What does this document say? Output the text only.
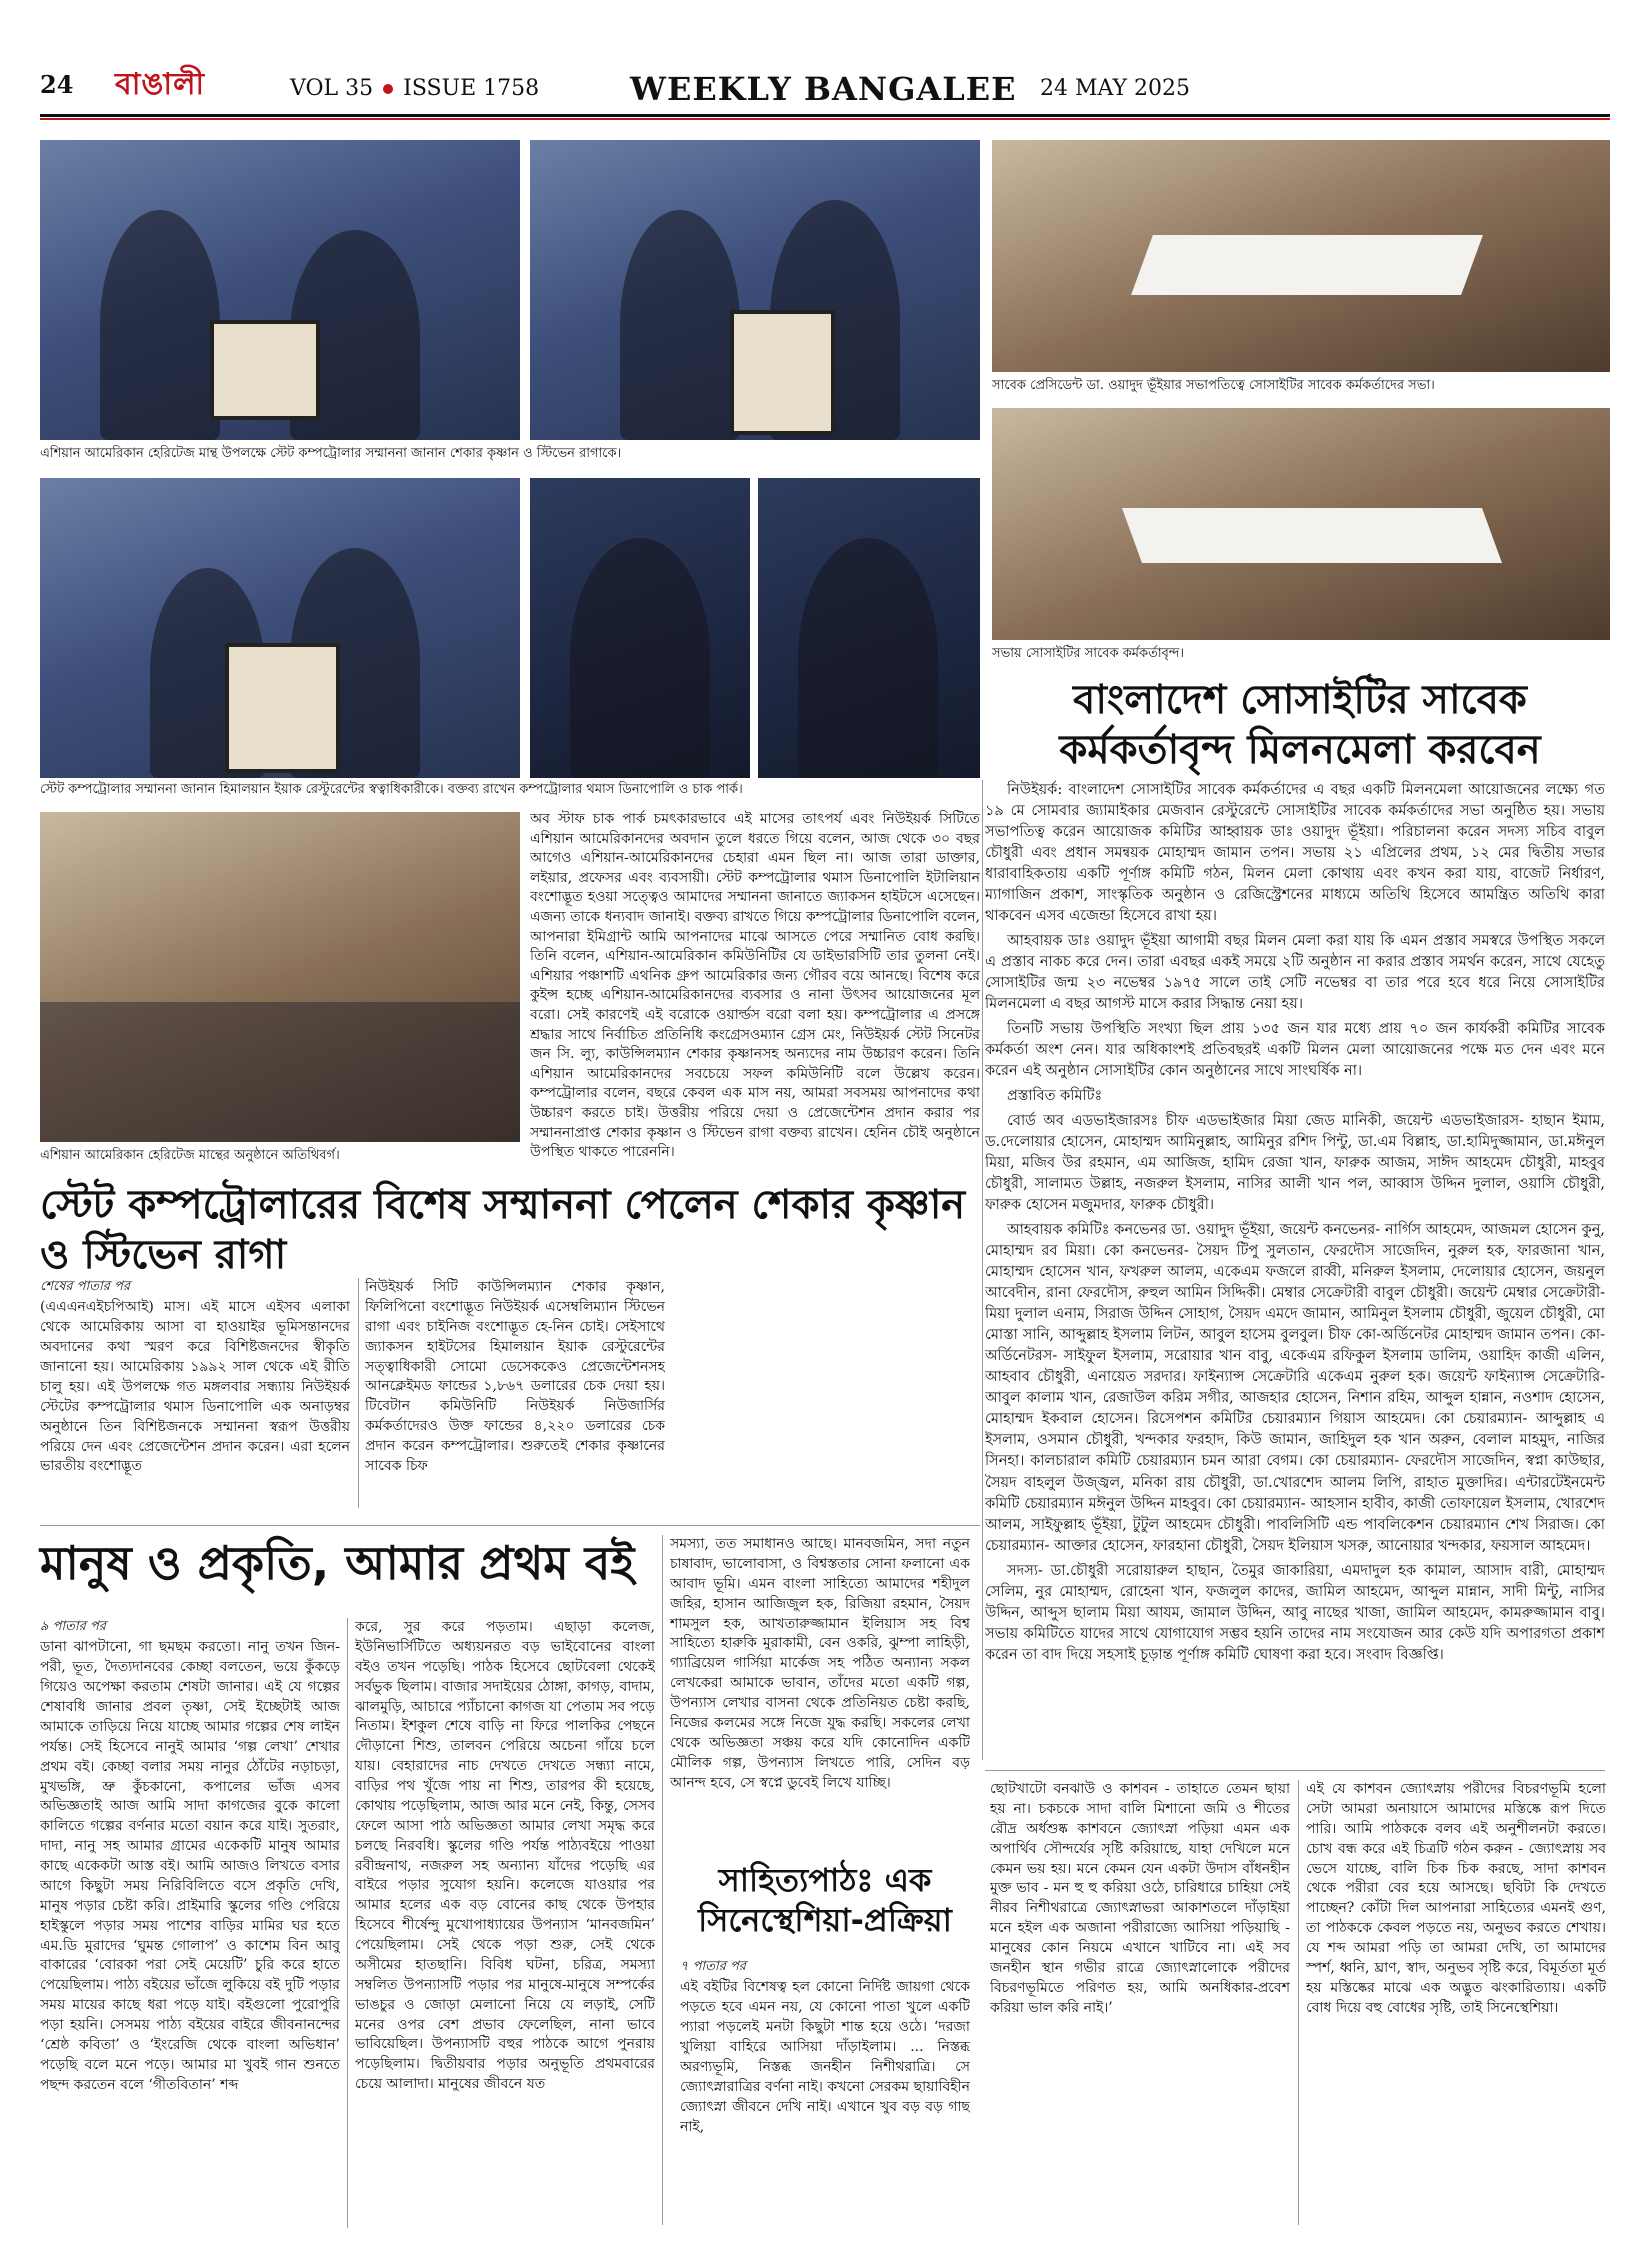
24 বাঙালী	VOL 35 ISSUE 1758	WEEKLY BANGALEE 24 MAY 2025
এশিয়ান আমেরিকান হেরিটেজ মান্থ উপলক্ষে স্টেট কম্পট্রোলার সম্মাননা জানান শেকার কৃষ্ণান ও স্টিভেন রাগাকে।
সাবেক প্রেসিডেন্ট ডা. ওয়াদুদ ভূঁইয়ার সভাপতিত্বে সোসাইটির সাবেক কর্মকর্তাদের সভা।
সভায় সোসাইটির সাবেক কর্মকর্তাবৃন্দ।
স্টেট কম্পট্রোলার সম্মাননা জানান হিমালয়ান ইয়াক রেস্টুরেন্টের স্বত্বাধিকারীকে। বক্তব্য রাখেন কম্পট্রোলার থমাস ডিনাপোলি ও চাক পার্ক।
এশিয়ান আমেরিকান হেরিটেজ মান্থের অনুষ্ঠানে অতিথিবর্গ।
অব স্টাফ চাক পার্ক চমৎকারভাবে এই মাসের তাৎপর্য এবং নিউইয়র্ক সিটিতে এশিয়ান আমেরিকানদের অবদান তুলে ধরতে গিয়ে বলেন, আজ থেকে ৩০ বছর আগেও এশিয়ান-আমেরিকানদের চেহারা এমন ছিল না। আজ তারা ডাক্তার, লইয়ার, প্রফেসর এবং ব্যবসায়ী। স্টেট কম্পট্রোলার থমাস ডিনাপোলি ইটালিয়ান বংশোদ্ভূত হওয়া সত্ত্বেও আমাদের সম্মাননা জানাতে জ্যাকসন হাইটসে এসেছেন। এজন্য তাকে ধন্যবাদ জানাই। বক্তব্য রাখতে গিয়ে কম্পট্রোলার ডিনাপোলি বলেন, আপনারা ইমিগ্রান্ট আমি আপনাদের মাঝে আসতে পেরে সম্মানিত বোধ করছি। তিনি বলেন, এশিয়ান-আমেরিকান কমিউনিটির যে ডাইভারসিটি তার তুলনা নেই। এশিয়ার পঞ্চাশটি এথনিক গ্রুপ আমেরিকার জন্য গৌরব বয়ে আনছে। বিশেষ করে কুইন্স হচ্ছে এশিয়ান-আমেরিকানদের ব্যবসার ও নানা উৎসব আয়োজনের মূল বরো। সেই কারণেই এই বরোকে ওয়ার্ল্ডস বরো বলা হয়। কম্পট্রোলার এ প্রসঙ্গে শ্রদ্ধার সাথে নির্বাচিত প্রতিনিধি কংগ্রেসওম্যান গ্রেস মেং, নিউইয়র্ক স্টেট সিনেটর জন সি. ল্যু, কাউন্সিলম্যান শেকার কৃষ্ণানসহ অন্যদের নাম উচ্চারণ করেন। তিনি এশিয়ান আমেরিকানদের সবচেয়ে সফল কমিউনিটি বলে উল্লেখ করেন। কম্পট্রোলার বলেন, বছরে কেবল এক মাস নয়, আমরা সবসময় আপনাদের কথা উচ্চারণ করতে চাই। উত্তরীয় পরিয়ে দেয়া ও প্রেজেন্টেশন প্রদান করার পর সম্মাননাপ্রাপ্ত শেকার কৃষ্ণান ও স্টিভেন রাগা বক্তব্য রাখেন। হেনিন চৌই অনুষ্ঠানে উপস্থিত থাকতে পারেননি।
স্টেট কম্পট্রোলারের বিশেষ সম্মাননা পেলেন শেকার কৃষ্ণান ও স্টিভেন রাগা
শেষের পাতার পর
(এএএনএইচপিআই) মাস। এই মাসে এইসব এলাকা থেকে আমেরিকায় আসা বা হাওয়াইর ভূমিসন্তানদের অবদানের কথা স্মরণ করে বিশিষ্টজনদের স্বীকৃতি জানানো হয়। আমেরিকায় ১৯৯২ সাল থেকে এই রীতি চালু হয়। এই উপলক্ষে গত মঙ্গলবার সন্ধ্যায় নিউইয়র্ক স্টেটের কম্পট্রোলার থমাস ডিনাপোলি এক অনাড়ম্বর অনুষ্ঠানে তিন বিশিষ্টজনকে সম্মাননা স্বরূপ উত্তরীয় পরিয়ে দেন এবং প্রেজেন্টেশন প্রদান করেন। এরা হলেন ভারতীয় বংশোদ্ভূত
নিউইয়র্ক সিটি কাউন্সিলম্যান শেকার কৃষ্ণান, ফিলিপিনো বংশোদ্ভূত নিউইয়র্ক এসেম্বলিম্যান স্টিভেন রাগা এবং চাইনিজ বংশোদ্ভূত হে-নিন চোই। সেইসাথে জ্যাকসন হাইটসের হিমালয়ান ইয়াক রেস্টুরেন্টের সত্ত্বাধিকারী সোমো ডেসেককেও প্রেজেন্টেশনসহ আনক্লেইমড ফান্ডের ১,৮৬৭ ডলারের চেক দেয়া হয়। টিবেটান কমিউনিটি নিউইয়র্ক নিউজার্সির কর্মকর্তাদেরও উক্ত ফান্ডের ৪,২২০ ডলারের চেক প্রদান করেন কম্পট্রোলার। শুরুতেই শেকার কৃষ্ণানের সাবেক চিফ
বাংলাদেশ সোসাইটির সাবেক কর্মকর্তাবৃন্দ মিলনমেলা করবেন

নিউইয়র্ক: বাংলাদেশ সোসাইটির সাবেক কর্মকর্তাদের এ বছর একটি মিলনমেলা আয়োজনের লক্ষ্যে গত ১৯ মে সোমবার জ্যামাইকার মেজবান রেস্টুরেন্টে সোসাইটির সাবেক কর্মকর্তাদের সভা অনুষ্ঠিত হয়। সভায় সভাপতিত্ব করেন আয়োজক কমিটির আহ্বায়ক ডাঃ ওয়াদুদ ভূঁইয়া। পরিচালনা করেন সদস্য সচিব বাবুল চৌধুরী এবং প্রধান সমন্বয়ক মোহাম্মদ জামান তপন। সভায় ২১ এপ্রিলের প্রথম, ১২ মের দ্বিতীয় সভার ধারাবাহিকতায় একটি পূর্ণাঙ্গ কমিটি গঠন, মিলন মেলা কোথায় এবং কখন করা যায়, বাজেট নির্ধারণ, ম্যাগাজিন প্রকাশ, সাংস্কৃতিক অনুষ্ঠান ও রেজিস্ট্রেশনের মাধ্যমে অতিথি হিসেবে আমন্ত্রিত অতিথি কারা থাকবেন এসব এজেন্ডা হিসেবে রাখা হয়।

আহবায়ক ডাঃ ওয়াদুদ ভূঁইয়া আগামী বছর মিলন মেলা করা যায় কি এমন প্রস্তাব সমস্বরে উপস্থিত সকলে এ প্রস্তাব নাকচ করে দেন। তারা এবছর একই সময়ে ২টি অনুষ্ঠান না করার প্রস্তাব সমর্থন করেন, সাথে যেহেতু সোসাইটির জন্ম ২৩ নভেম্বর ১৯৭৫ সালে তাই সেটি নভেম্বর বা তার পরে হবে ধরে নিয়ে সোসাইটির মিলনমেলা এ বছর আগস্ট মাসে করার সিদ্ধান্ত নেয়া হয়।

তিনটি সভায় উপস্থিতি সংখ্যা ছিল প্রায় ১৩৫ জন যার মধ্যে প্রায় ৭০ জন কার্যকরী কমিটির সাবেক কর্মকর্তা অংশ নেন। যার অধিকাংশই প্রতিবছরই একটি মিলন মেলা আয়োজনের পক্ষে মত দেন এবং মনে করেন এই অনুষ্ঠান সোসাইটির কোন অনুষ্ঠানের সাথে সাংঘর্ষিক না।

প্রস্তাবিত কমিটিঃ

বোর্ড অব এডভাইজারসঃ চীফ এডভাইজার মিয়া জেড মানিকী, জয়েন্ট এডভাইজারস- হাছান ইমাম, ড.দেলোয়ার হোসেন, মোহাম্মদ আমিনুল্লাহ, আমিনুর রশিদ পিন্টু, ডা.এম বিল্লাহ, ডা.হামিদুজ্জামান, ডা.মঈনুল মিয়া, মজিব উর রহমান, এম আজিজ, হামিদ রেজা খান, ফারুক আজম, সাঈদ আহমেদ চৌধুরী, মাহবুব চৌধুরী, সালামত উল্লাহ, নজরুল ইসলাম, নাসির আলী খান পল, আব্বাস উদ্দিন দুলাল, ওয়াসি চৌধুরী, ফারুক হোসেন মজুমদার, ফারুক চৌধুরী।

আহবায়ক কমিটিঃ কনভেনর ডা. ওয়াদুদ ভূঁইয়া, জয়েন্ট কনভেনর- নার্গিস আহমেদ, আজমল হোসেন কুনু, মোহাম্মদ রব মিয়া। কো কনভেনর- সৈয়দ টিপু সুলতান, ফেরদৌস সাজেদিন, নুরুল হক, ফারজানা খান, মোহাম্মদ হোসেন খান, ফখরুল আলম, একেএম ফজলে রাব্বী, মনিরুল ইসলাম, দেলোয়ার হোসেন, জয়নুল আবেদীন, রানা ফেরদৌস, রুহুল আমিন সিদ্দিকী। মেম্বার সেক্রেটারী বাবুল চৌধুরী। জয়েন্ট মেম্বার সেক্রেটারী- মিয়া দুলাল এনাম, সিরাজ উদ্দিন সোহাগ, সৈয়দ এমদে জামান, আমিনুল ইসলাম চৌধুরী, জুয়েল চৌধুরী, মো মোস্তা সানি, আব্দুল্লাহ ইসলাম লিটন, আবুল হাসেম বুলবুল। চীফ কো-অর্ডিনেটর মোহাম্মদ জামান তপন। কো-অর্ডিনেটরস- সাইফুল ইসলাম, সরোয়ার খান বাবু, একেএম রফিকুল ইসলাম ডালিম, ওয়াহিদ কাজী এলিন, আহবাব চৌধুরী, এনায়েত সরদার। ফাইন্যান্স সেক্রেটারি একেএম নুরুল হক। জয়েন্ট ফাইন্যান্স সেক্রেটারি- আবুল কালাম খান, রেজাউল করিম সগীর, আজহার হোসেন, নিশান রহিম, আব্দুল হান্নান, নওশাদ হোসেন, মোহাম্মদ ইকবাল হোসেন। রিসেপশন কমিটির চেয়ারম্যান গিয়াস আহমেদ। কো চেয়ারম্যান- আব্দুল্লাহ এ ইসলাম, ওসমান চৌধুরী, খন্দকার ফরহাদ, কিউ জামান, জাহিদুল হক খান অরুন, বেলাল মাহমুদ, নাজির সিনহা। কালচারাল কমিটি চেয়ারম্যান চমন আরা বেগম। কো চেয়ারম্যান- ফেরদৌস সাজেদিন, স্বপ্না কাউছার, সৈয়দ বাহলুল উজ্জ্বল, মনিকা রায় চৌধুরী, ডা.খোরশেদ আলম লিপি, রাহাত মুক্তাদির। এন্টারটেইনমেন্ট কমিটি চেয়ারম্যান মঈনুল উদ্দিন মাহবুব। কো চেয়ারম্যান- আহসান হাবীব, কাজী তোফায়েল ইসলাম, খোরশেদ আলম, সাইফুল্লাহ ভূঁইয়া, টুটুল আহমেদ চৌধুরী। পাবলিসিটি এন্ড পাবলিকেশন চেয়ারম্যান শেখ সিরাজ। কো চেয়ারম্যান- আক্তার হোসেন, ফারহানা চৌধুরী, সৈয়দ ইলিয়াস খসরু, আনোয়ার খন্দকার, ফয়সাল আহমেদ।

সদস্য- ডা.চৌধুরী সরোয়ারুল হাছান, তৈমুর জাকারিয়া, এমদাদুল হক কামাল, আসাদ বারী, মোহাম্মদ সেলিম, নুর মোহাম্মদ, রোহেনা খান, ফজলুল কাদের, জামিল আহমেদ, আব্দুল মান্নান, সাদী মিন্টু, নাসির উদ্দিন, আব্দুস ছালাম মিয়া আযম, জামাল উদ্দিন, আবু নাছের খাজা, জামিল আহমেদ, কামরুজ্জামান বাবু। সভায় কমিটিতে যাদের সাথে যোগাযোগ সম্ভব হয়নি তাদের নাম সংযোজন আর কেউ যদি অপারগতা প্রকাশ করেন তা বাদ দিয়ে সহসাই চূড়ান্ত পূর্ণাঙ্গ কমিটি ঘোষণা করা হবে। সংবাদ বিজ্ঞপ্তি।

মানুষ ও প্রকৃতি, আমার প্রথম বই
৯ পাতার পর
ডানা ঝাপটানো, গা ছমছম করতো। নানু তখন জিন-পরী, ভূত, দৈত্যদানবের কেচ্ছা বলতেন, ভয়ে কুঁকড়ে গিয়েও অপেক্ষা করতাম শেষটা জানার। এই যে গল্পের শেষাবধি জানার প্রবল তৃষ্ণা, সেই ইচ্ছেটাই আজ আমাকে তাড়িয়ে নিয়ে যাচ্ছে আমার গল্পের শেষ লাইন পর্যন্ত। সেই হিসেবে নানুই আমার ‘গল্প লেখা’ শেখার প্রথম বই। কেচ্ছা বলার সময় নানুর ঠোঁটের নড়াচড়া, মুখভঙ্গি, ভ্রু কুঁচকানো, কপালের ভাঁজ এসব অভিজ্ঞতাই আজ আমি সাদা কাগজের বুকে কালো কালিতে গল্পের বর্ণনার মতো বয়ান করে যাই। সুতরাং, দাদা, নানু সহ আমার গ্রামের একেকটি মানুষ আমার কাছে একেকটা আস্ত বই। আমি আজও লিখতে বসার আগে কিছুটা সময় নিরিবিলিতে বসে প্রকৃতি দেখি, মানুষ পড়ার চেষ্টা করি। প্রাইমারি স্কুলের গণ্ডি পেরিয়ে হাইস্কুলে পড়ার সময় পাশের বাড়ির মামির ঘর হতে এম.ডি মুরাদের ‘ঘুমন্ত গোলাপ’ ও কাশেম বিন আবু বাকারের ‘বোরকা পরা সেই মেয়েটি’ চুরি করে হাতে পেয়েছিলাম। পাঠ্য বইয়ের ভাঁজে লুকিয়ে বই দুটি পড়ার সময় মায়ের কাছে ধরা পড়ে যাই। বইগুলো পুরোপুরি পড়া হয়নি। সেসময় পাঠ্য বইয়ের বাইরে জীবনানন্দের ‘শ্রেষ্ঠ কবিতা’ ও ‘ইংরেজি থেকে বাংলা অভিধান’ পড়েছি বলে মনে পড়ে। আমার মা খুবই গান শুনতে পছন্দ করতেন বলে ‘গীতবিতান’ শব্দ
করে, সুর করে পড়তাম। এছাড়া কলেজ, ইউনিভার্সিটিতে অধ্যয়নরত বড় ভাইবোনের বাংলা বইও তখন পড়েছি। পাঠক হিসেবে ছোটবেলা থেকেই সর্বভুক ছিলাম। বাজার সদাইয়ের ঠোঙ্গা, কাগড়, বাদাম, ঝালমুড়ি, আচারে প্যাঁচানো কাগজ যা পেতাম সব পড়ে নিতাম। ইশকুল শেষে বাড়ি না ফিরে পালকির পেছনে দৌড়ানো শিশু, তালবন পেরিয়ে অচেনা গাঁয়ে চলে যায়। বেহারাদের নাচ দেখতে দেখতে সন্ধ্যা নামে, বাড়ির পথ খুঁজে পায় না শিশু, তারপর কী হয়েছে, কোথায় পড়েছিলাম, আজ আর মনে নেই, কিন্তু, সেসব ফেলে আসা পাঠ অভিজ্ঞতা আমার লেখা সমৃদ্ধ করে চলছে নিরবধি। স্কুলের গণ্ডি পর্যন্ত পাঠ্যবইয়ে পাওয়া রবীন্দ্রনাথ, নজরুল সহ অন্যান্য যাঁদের পড়েছি এর বাইরে পড়ার সুযোগ হয়নি। কলেজে যাওয়ার পর আমার হলের এক বড় বোনের কাছ থেকে উপহার হিসেবে শীর্ষেন্দু মুখোপাধ্যায়ের উপন্যাস ‘মানবজমিন’ পেয়েছিলাম। সেই থেকে পড়া শুরু, সেই থেকে অসীমের হাতছানি। বিবিধ ঘটনা, চরিত্র, সমস্যা সম্বলিত উপন্যাসটি পড়ার পর মানুষে-মানুষে সম্পর্কের ভাঙচুর ও জোড়া মেলানো নিয়ে যে লড়াই, সেটি মনের ওপর বেশ প্রভাব ফেলেছিল, নানা ভাবে ভাবিয়েছিল। উপন্যাসটি বহুর পাঠকে আগে পুনরায় পড়েছিলাম। দ্বিতীয়বার পড়ার অনুভূতি প্রথমবারের চেয়ে আলাদা। মানুষের জীবনে যত
সমস্যা, তত সমাধানও আছে। মানবজমিন, সদা নতুন চাষাবাদ, ভালোবাসা, ও বিশ্বস্ততার সোনা ফলানো এক আবাদ ভূমি। এমন বাংলা সাহিত্যে আমাদের শহীদুল জহির, হাসান আজিজুল হক, রিজিয়া রহমান, সৈয়দ শামসুল হক, আখতারুজ্জামান ইলিয়াস সহ বিশ্ব সাহিত্যে হারুকি মুরাকামী, বেন ওকরি, ঝুম্পা লাহিড়ী, গ্যাব্রিয়েল গার্সিয়া মার্কেজ সহ পঠিত অন্যান্য সকল লেখকেরা আমাকে ভাবান, তাঁদের মতো একটি গল্প, উপন্যাস লেখার বাসনা থেকে প্রতিনিয়ত চেষ্টা করছি, নিজের কলমের সঙ্গে নিজে যুদ্ধ করছি। সকলের লেখা থেকে অভিজ্ঞতা সঞ্চয় করে যদি কোনোদিন একটি মৌলিক গল্প, উপন্যাস লিখতে পারি, সেদিন বড় আনন্দ হবে, সে স্বপ্নে ডুবেই লিখে যাচ্ছি।
সাহিত্যপাঠঃ এক সিনেস্থেশিয়া-প্রক্রিয়া
৭ পাতার পর
এই বইটির বিশেষত্ব হল কোনো নির্দিষ্ট জায়গা থেকে পড়তে হবে এমন নয়, যে কোনো পাতা খুলে একটি প্যারা পড়লেই মনটা কিছুটা শান্ত হয়ে ওঠে। ‘দরজা খুলিয়া বাহিরে আসিয়া দাঁড়াইলাম। ... নিস্তব্ধ অরণ্যভূমি, নিস্তব্ধ জনহীন নিশীথরাত্রি। সে জ্যোৎস্নারাত্রির বর্ণনা নাই। কখনো সেরকম ছায়াবিহীন জ্যোৎস্না জীবনে দেখি নাই। এখানে খুব বড় বড় গাছ নাই,
ছোটখাটো বনঝাউ ও কাশবন - তাহাতে তেমন ছায়া হয় না। চকচকে সাদা বালি মিশানো জমি ও শীতের রৌদ্র অর্ধশুষ্ক কাশবনে জ্যোৎস্না পড়িয়া এমন এক অপার্থিব সৌন্দর্যের সৃষ্টি করিয়াছে, যাহা দেখিলে মনে কেমন ভয় হয়। মনে কেমন যেন একটা উদাস বাঁধনহীন মুক্ত ভাব - মন হু হু করিয়া ওঠে, চারিধারে চাহিয়া সেই নীরব নিশীথরাত্রে জ্যোৎস্নাভরা আকাশতলে দাঁড়াইয়া মনে হইল এক অজানা পরীরাজ্যে আসিয়া পড়িয়াছি - মানুষের কোন নিয়মে এখানে খাটিবে না। এই সব জনহীন স্থান গভীর রাত্রে জ্যোৎস্নালোকে পরীদের বিচরণভূমিতে পরিণত হয়, আমি অনধিকার-প্রবেশ করিয়া ভাল করি নাই।’
এই যে কাশবন জ্যোৎস্নায় পরীদের বিচরণভূমি হলো সেটা আমরা অনায়াসে আমাদের মস্তিষ্কে রূপ দিতে পারি। আমি পাঠককে বলব এই অনুশীলনটা করতে। চোখ বন্ধ করে এই চিত্রটি গঠন করুন - জ্যোৎস্নায় সব ভেসে যাচ্ছে, বালি চিক চিক করছে, সাদা কাশবন থেকে পরীরা বের হয়ে আসছে। ছবিটা কি দেখতে পাচ্ছেন? কোঁটা দিল আপনারা সাহিত্যের এমনই গুণ, তা পাঠককে কেবল পড়তে নয়, অনুভব করতে শেখায়। যে শব্দ আমরা পড়ি তা আমরা দেখি, তা আমাদের স্পর্শ, ধ্বনি, ঘ্রাণ, স্বাদ, অনুভব সৃষ্টি করে, বিমূর্ততা মূর্ত হয় মস্তিষ্কের মাঝে এক অদ্ভুত ঝংকারিত্যায়। একটি বোধ দিয়ে বহু বোধের সৃষ্টি, তাই সিনেস্থেশিয়া।
